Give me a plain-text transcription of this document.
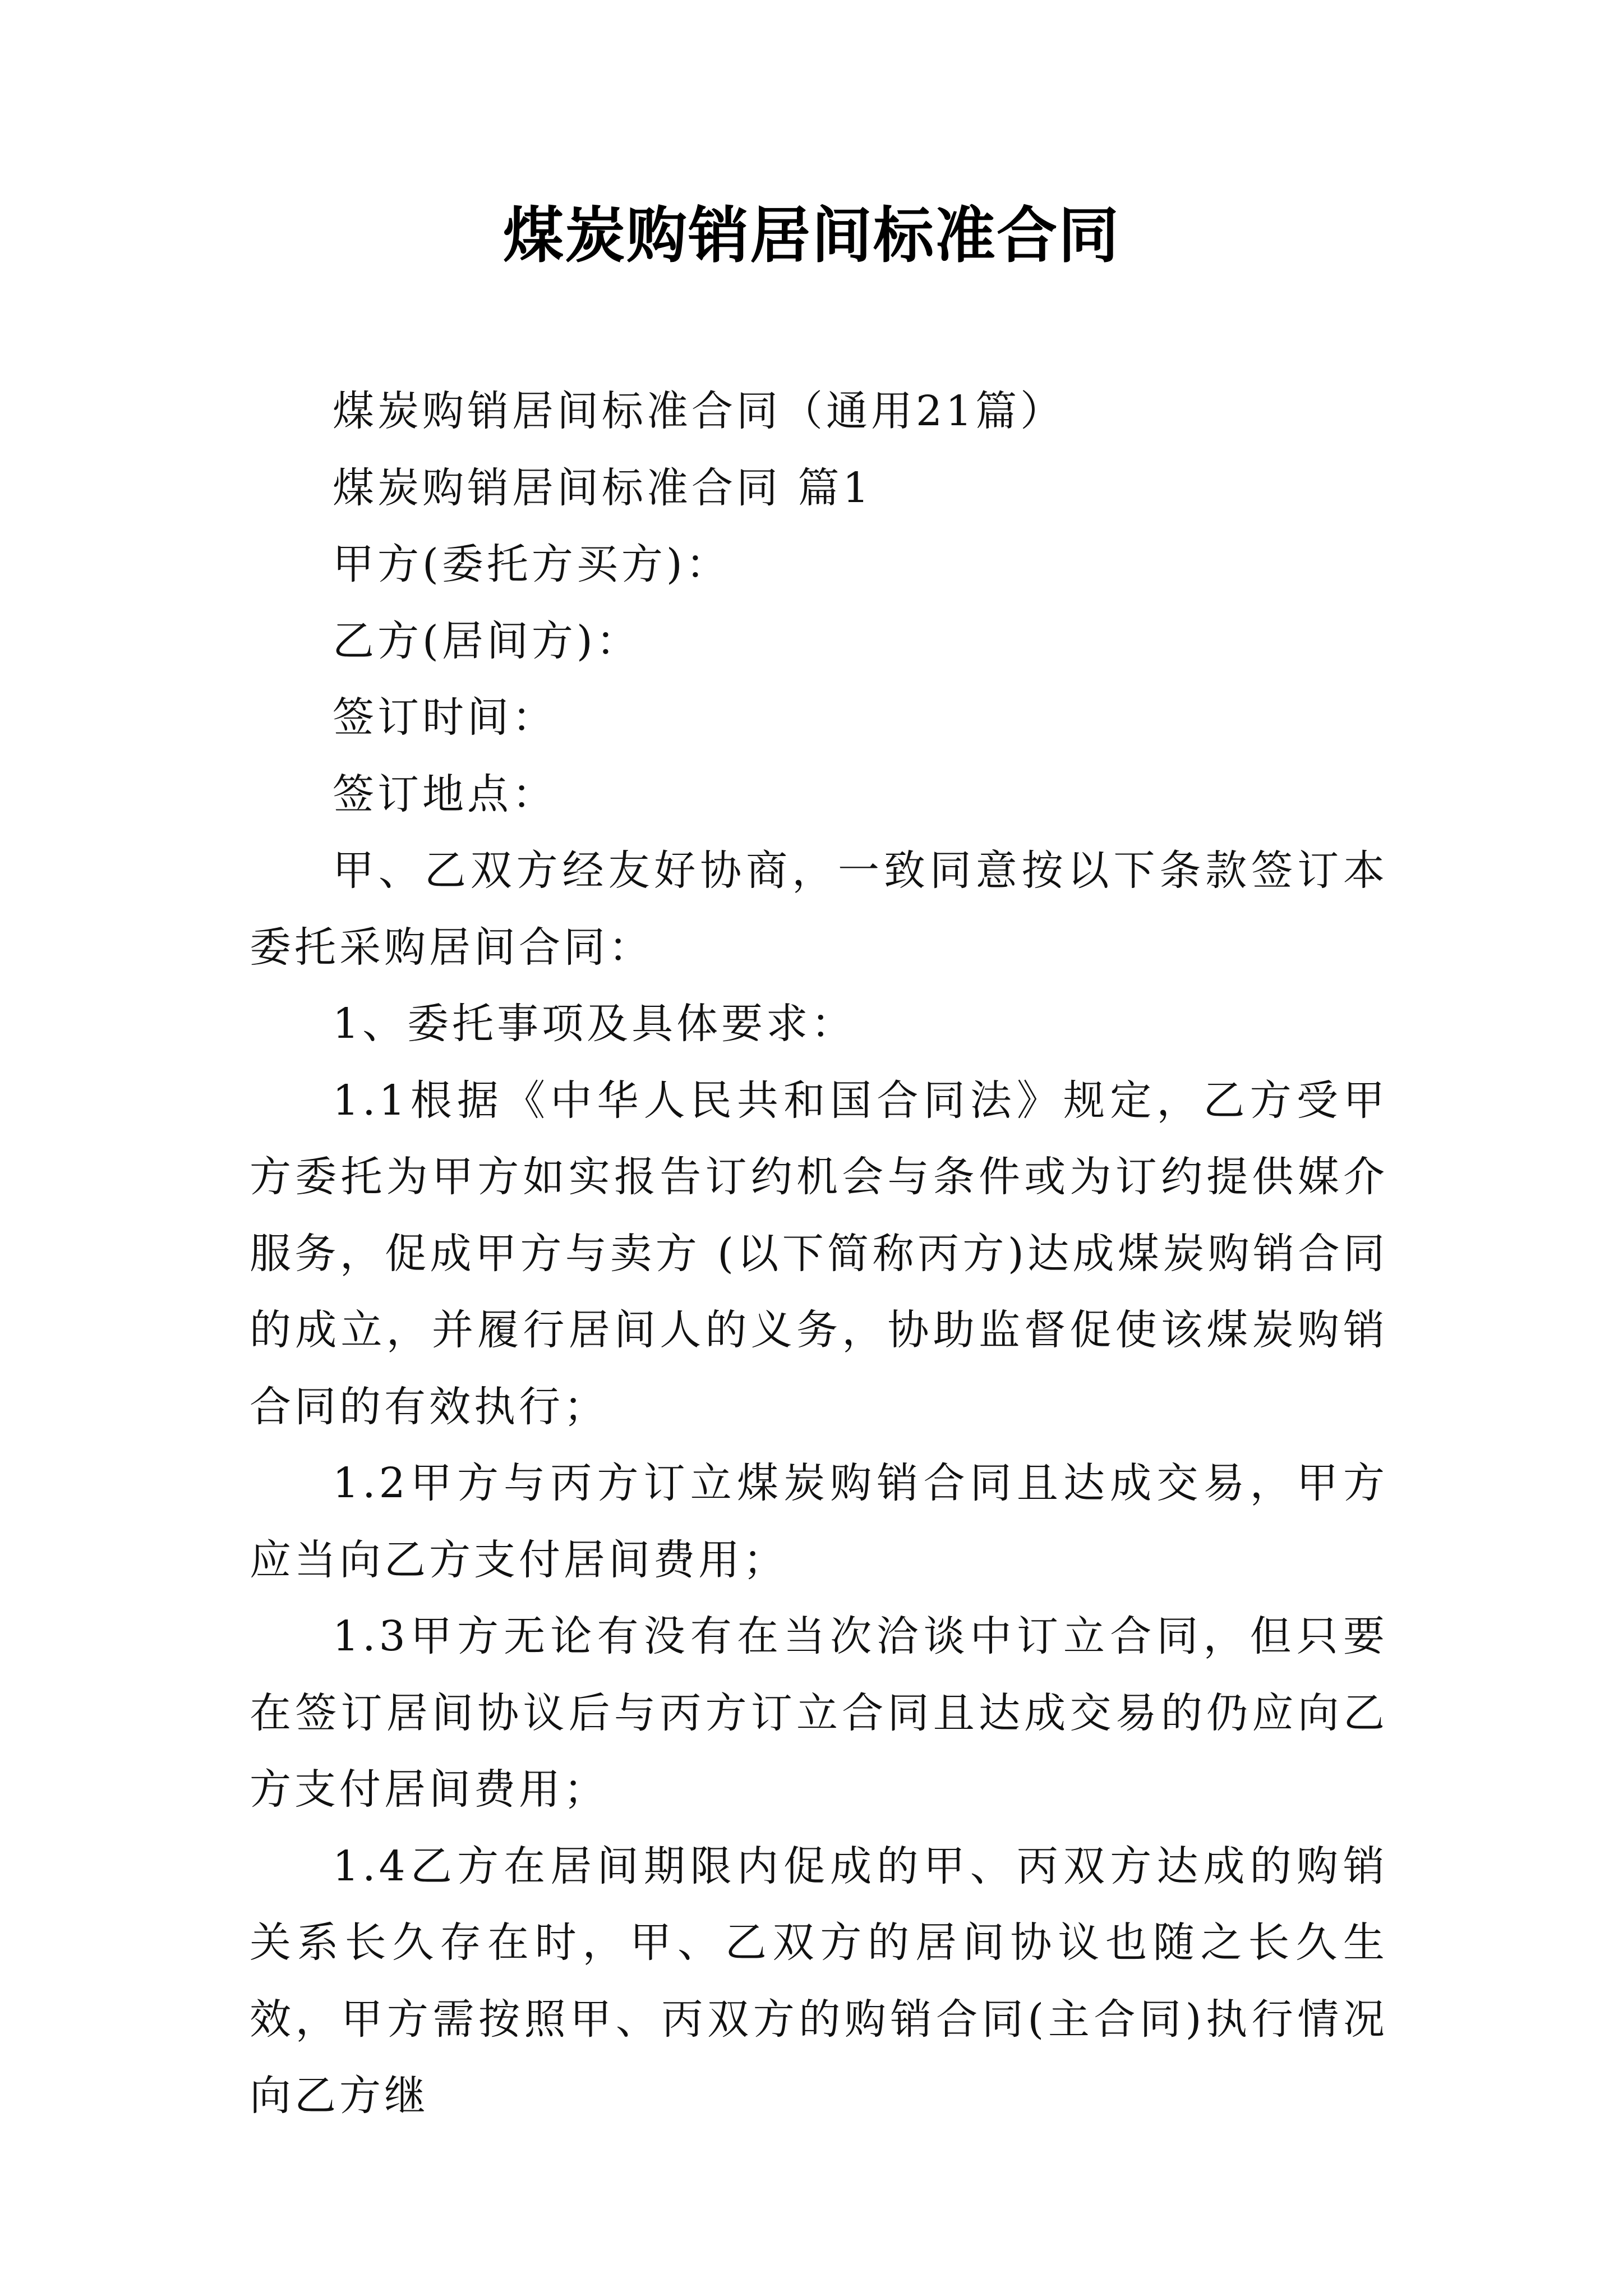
煤炭购销居间标准合同

煤炭购销居间标准合同（通用21篇）

煤炭购销居间标准合同 篇1

甲方(委托方买方)：

乙方(居间方)：

签订时间：

签订地点：

甲、乙双方经友好协商，一致同意按以下条款签订本委托采购居间合同：

1、委托事项及具体要求：

1.1根据《中华人民共和国合同法》规定，乙方受甲方委托为甲方如实报告订约机会与条件或为订约提供媒介服务，促成甲方与卖方 (以下简称丙方)达成煤炭购销合同的成立，并履行居间人的义务，协助监督促使该煤炭购销合同的有效执行；

1.2甲方与丙方订立煤炭购销合同且达成交易，甲方应当向乙方支付居间费用；

1.3甲方无论有没有在当次洽谈中订立合同，但只要在签订居间协议后与丙方订立合同且达成交易的仍应向乙方支付居间费用；

1.4乙方在居间期限内促成的甲、丙双方达成的购销关系长久存在时，甲、乙双方的居间协议也随之长久生效，甲方需按照甲、丙双方的购销合同(主合同)执行情况向乙方继
